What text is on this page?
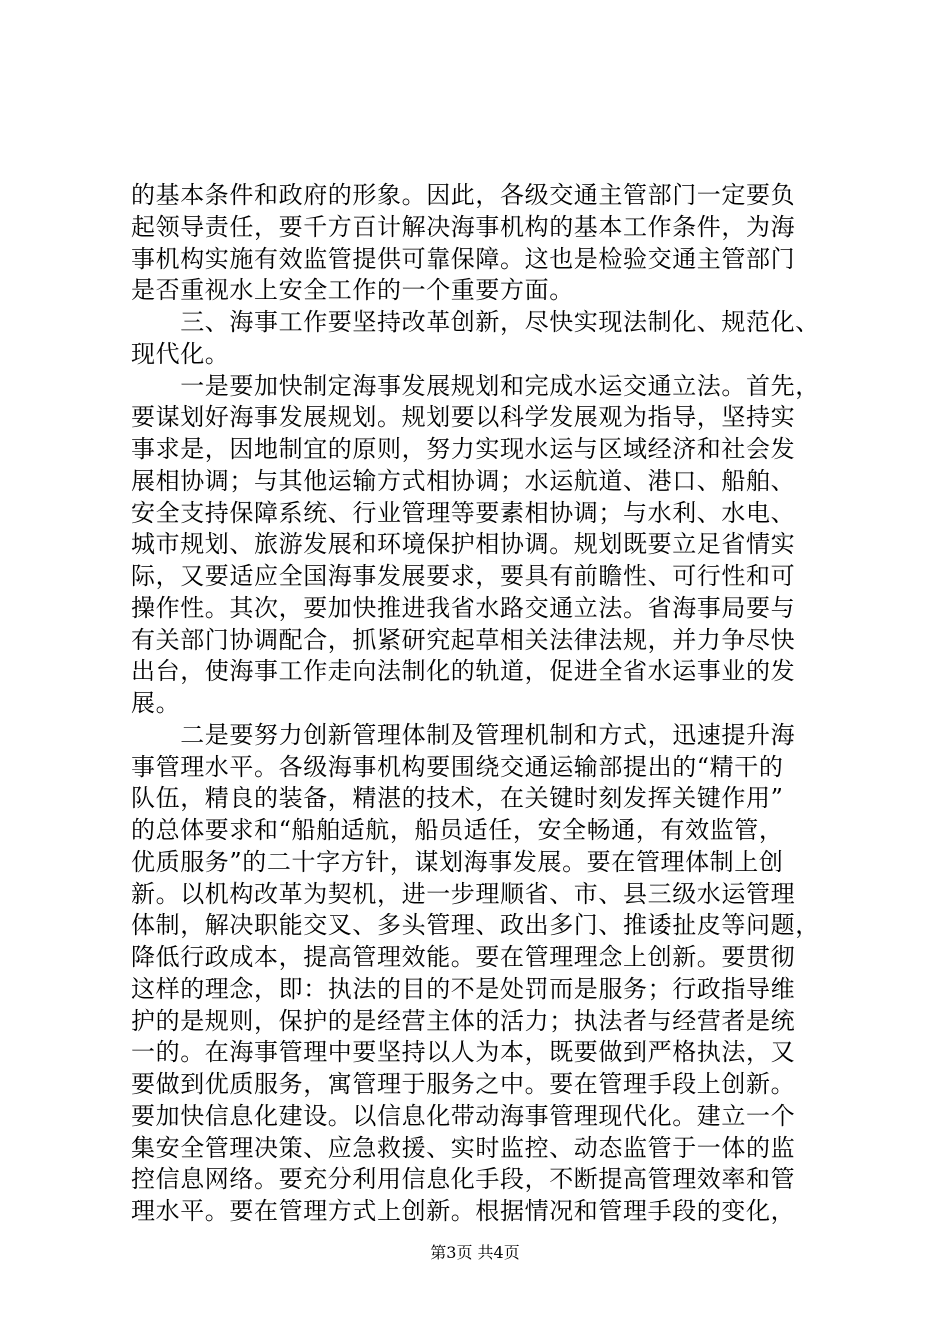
的基本条件和政府的形象。因此，各级交通主管部门一定要负
起领导责任，要千方百计解决海事机构的基本工作条件，为海
事机构实施有效监管提供可靠保障。这也是检验交通主管部门
是否重视水上安全工作的一个重要方面。
　　三、海事工作要坚持改革创新，尽快实现法制化、规范化、
现代化。
　　一是要加快制定海事发展规划和完成水运交通立法。首先，
要谋划好海事发展规划。规划要以科学发展观为指导，坚持实
事求是，因地制宜的原则，努力实现水运与区域经济和社会发
展相协调；与其他运输方式相协调；水运航道、港口、船舶、
安全支持保障系统、行业管理等要素相协调；与水利、水电、
城市规划、旅游发展和环境保护相协调。规划既要立足省情实
际，又要适应全国海事发展要求，要具有前瞻性、可行性和可
操作性。其次，要加快推进我省水路交通立法。省海事局要与
有关部门协调配合，抓紧研究起草相关法律法规，并力争尽快
出台，使海事工作走向法制化的轨道，促进全省水运事业的发
展。
　　二是要努力创新管理体制及管理机制和方式，迅速提升海
事管理水平。各级海事机构要围绕交通运输部提出的“精干的
队伍，精良的装备，精湛的技术，在关键时刻发挥关键作用”
的总体要求和“船舶适航，船员适任，安全畅通，有效监管，
优质服务”的二十字方针，谋划海事发展。要在管理体制上创
新。以机构改革为契机，进一步理顺省、市、县三级水运管理
体制，解决职能交叉、多头管理、政出多门、推诿扯皮等问题，
降低行政成本，提高管理效能。要在管理理念上创新。要贯彻
这样的理念，即：执法的目的不是处罚而是服务；行政指导维
护的是规则，保护的是经营主体的活力；执法者与经营者是统
一的。在海事管理中要坚持以人为本，既要做到严格执法，又
要做到优质服务，寓管理于服务之中。要在管理手段上创新。
要加快信息化建设。以信息化带动海事管理现代化。建立一个
集安全管理决策、应急救援、实时监控、动态监管于一体的监
控信息网络。要充分利用信息化手段，不断提高管理效率和管
理水平。要在管理方式上创新。根据情况和管理手段的变化，
第3页 共4页
